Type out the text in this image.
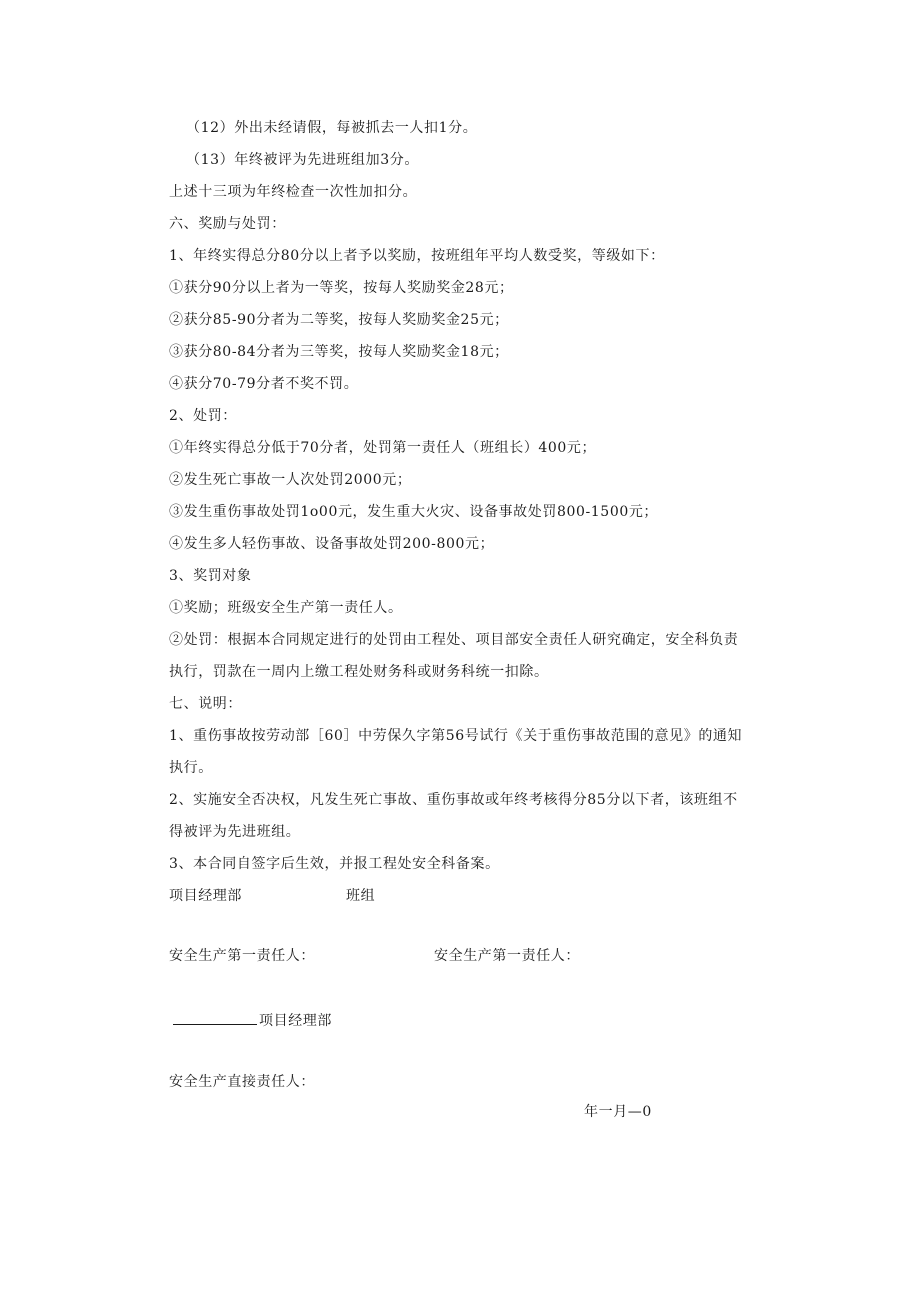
（12）外出未经请假，每被抓去一人扣1分。
（13）年终被评为先进班组加3分。
上述十三项为年终检查一次性加扣分。
六、奖励与处罚：
1、年终实得总分80分以上者予以奖励，按班组年平均人数受奖，等级如下：
①获分90分以上者为一等奖，按每人奖励奖金28元；
②获分85-90分者为二等奖，按每人奖励奖金25元；
③获分80-84分者为三等奖，按每人奖励奖金18元；
④获分70-79分者不奖不罚。
2、处罚：
①年终实得总分低于70分者，处罚第一责任人（班组长）400元；
②发生死亡事故一人次处罚2000元；
③发生重伤事故处罚1o00元，发生重大火灾、设备事故处罚800-1500元；
④发生多人轻伤事故、设备事故处罚200-800元；
3、奖罚对象
①奖励；班级安全生产第一责任人。
②处罚：根据本合同规定进行的处罚由工程处、项目部安全责任人研究确定，安全科负责
执行，罚款在一周内上缴工程处财务科或财务科统一扣除。
七、说明：
1、重伤事故按劳动部［60］中劳保久字第56号试行《关于重伤事故范围的意见》的通知
执行。
2、实施安全否决权，凡发生死亡事故、重伤事故或年终考核得分85分以下者，该班组不
得被评为先进班组。
3、本合同自签字后生效，并报工程处安全科备案。
项目经理部	班组
安全生产第一责任人：	安全生产第一责任人：
项目经理部
安全生产直接责任人：
年一月—0
